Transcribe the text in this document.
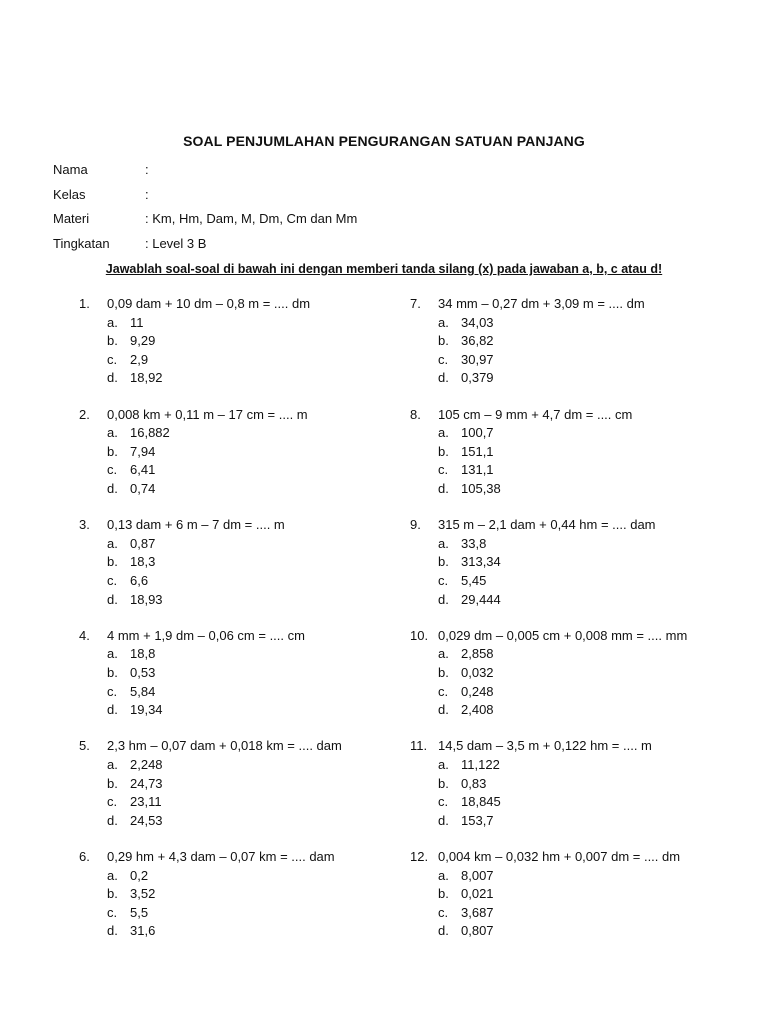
SOAL PENJUMLAHAN PENGURANGAN SATUAN PANJANG
Nama	:
Kelas	:
Materi	: Km, Hm, Dam, M, Dm, Cm dan Mm
Tingkatan	: Level 3 B
Jawablah soal-soal di bawah ini dengan memberi tanda silang (x) pada jawaban a, b, c atau d!
1. 0,09 dam + 10 dm – 0,8 m = .... dm
a. 11
b. 9,29
c. 2,9
d. 18,92
2. 0,008 km + 0,11 m – 17 cm = .... m
a. 16,882
b. 7,94
c. 6,41
d. 0,74
3. 0,13 dam + 6 m – 7 dm = .... m
a. 0,87
b. 18,3
c. 6,6
d. 18,93
4. 4 mm + 1,9 dm – 0,06 cm = .... cm
a. 18,8
b. 0,53
c. 5,84
d. 19,34
5. 2,3 hm – 0,07 dam + 0,018 km = .... dam
a. 2,248
b. 24,73
c. 23,11
d. 24,53
6. 0,29 hm + 4,3 dam – 0,07 km = .... dam
a. 0,2
b. 3,52
c. 5,5
d. 31,6
7. 34 mm – 0,27 dm + 3,09 m = .... dm
a. 34,03
b. 36,82
c. 30,97
d. 0,379
8. 105 cm – 9 mm + 4,7 dm = .... cm
a. 100,7
b. 151,1
c. 131,1
d. 105,38
9. 315 m – 2,1 dam + 0,44 hm = .... dam
a. 33,8
b. 313,34
c. 5,45
d. 29,444
10. 0,029 dm – 0,005 cm + 0,008 mm = .... mm
a. 2,858
b. 0,032
c. 0,248
d. 2,408
11. 14,5 dam – 3,5 m + 0,122 hm = .... m
a. 11,122
b. 0,83
c. 18,845
d. 153,7
12. 0,004 km – 0,032 hm + 0,007 dm = .... dm
a. 8,007
b. 0,021
c. 3,687
d. 0,807
